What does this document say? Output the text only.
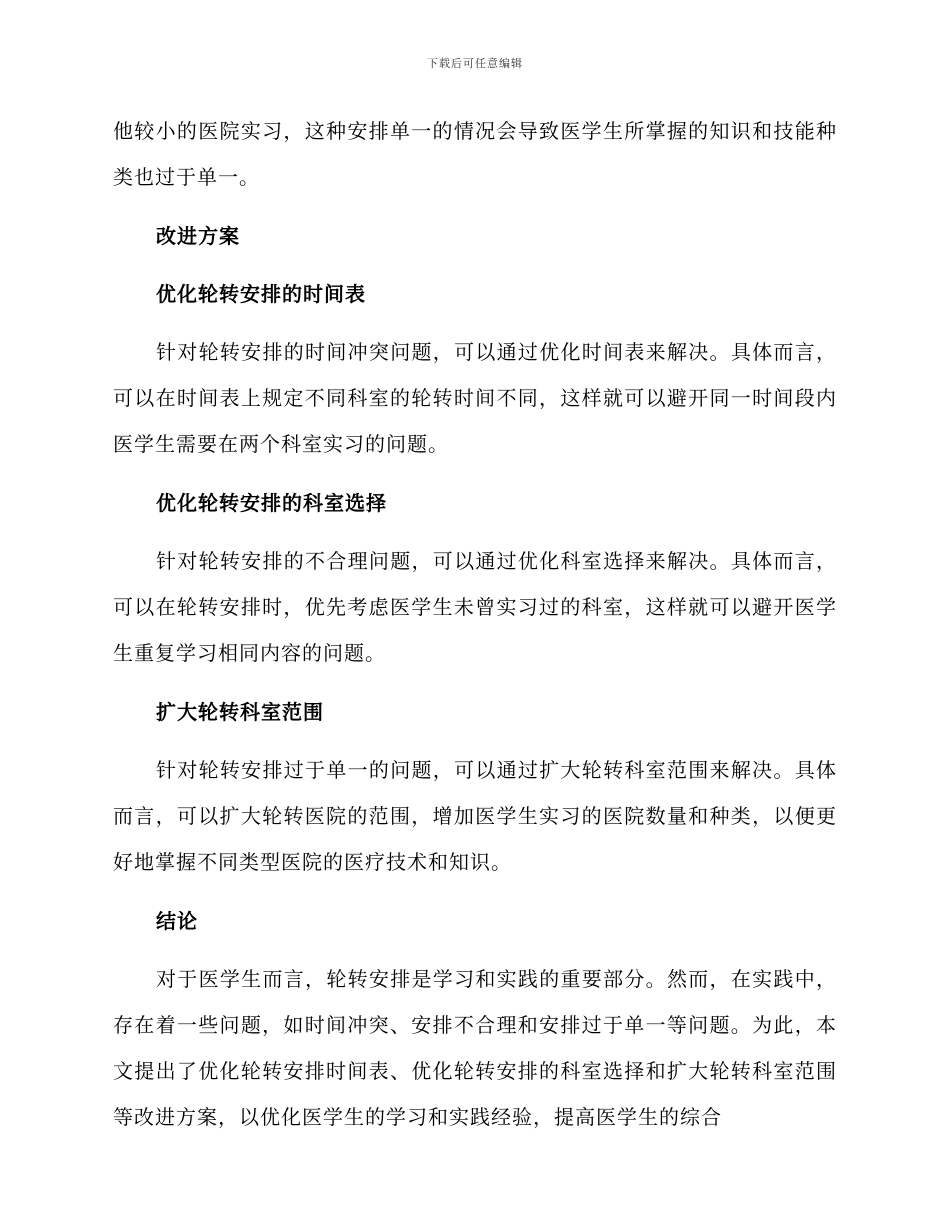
下载后可任意编辑

他较小的医院实习，这种安排单一的情况会导致医学生所掌握的知识和技能种类也过于单一。

改进方案
优化轮转安排的时间表

针对轮转安排的时间冲突问题，可以通过优化时间表来解决。具体而言，可以在时间表上规定不同科室的轮转时间不同，这样就可以避开同一时间段内医学生需要在两个科室实习的问题。

优化轮转安排的科室选择

针对轮转安排的不合理问题，可以通过优化科室选择来解决。具体而言，可以在轮转安排时，优先考虑医学生未曾实习过的科室，这样就可以避开医学生重复学习相同内容的问题。

扩大轮转科室范围

针对轮转安排过于单一的问题，可以通过扩大轮转科室范围来解决。具体而言，可以扩大轮转医院的范围，增加医学生实习的医院数量和种类，以便更好地掌握不同类型医院的医疗技术和知识。

结论

对于医学生而言，轮转安排是学习和实践的重要部分。然而，在实践中，存在着一些问题，如时间冲突、安排不合理和安排过于单一等问题。为此，本文提出了优化轮转安排时间表、优化轮转安排的科室选择和扩大轮转科室范围等改进方案，以优化医学生的学习和实践经验，提高医学生的综合
